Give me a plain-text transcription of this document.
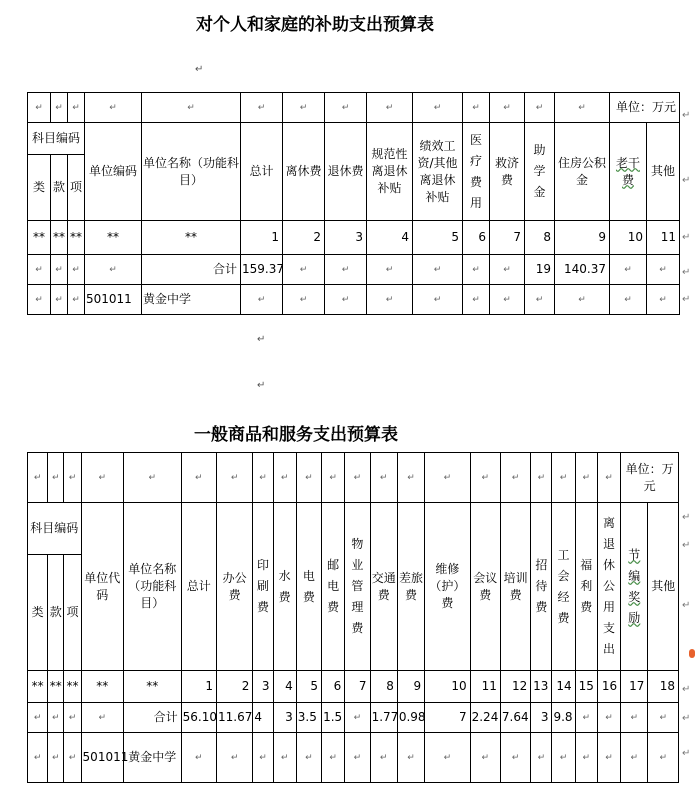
对个人和家庭的补助支出预算表
↵
↵	↵	↵	↵	↵	↵	↵	↵	↵	↵	↵	↵	↵	↵	单位：万元	
科目编码			单位编码	单位名称（功能科目）	总计	离休费	退休费	规范性离退休补贴	绩效工资/其他离退休补贴	医疗费用	救济费	助学金	住房公积金	老干费	其他
类	款	项													
**	**	**	**	**	1	2	3	4	5	6	7	8	9	10	11
↵	↵	↵	↵	合计	159.37	↵	↵	↵	↵	↵	↵	19	140.37	↵	↵
↵	↵	↵	501011	黄金中学	↵	↵	↵	↵	↵	↵	↵	↵	↵	↵	↵
↵
↵
一般商品和服务支出预算表
↵	↵	↵	↵	↵	↵	↵	↵	↵	↵	↵	↵	↵	↵	↵	↵	↵	↵	↵	↵	↵	单位：万元	
科目编码			单位代码	单位名称（功能科目）	总计	办公费	印刷费	水费	电费	邮电费	物业管理费	交通费	差旅费	维修（护）费	会议费	培训费	招待费	工会经费	福利费	离退休公用支出	节编奖励	其他
类	款	项																				
**	**	**	**	**	1	2	3	4	5	6	7	8	9	10	11	12	13	14	15	16	17	18
↵	↵	↵	↵	合计	56.10	11.67	4	3	3.5	1.5	↵	1.77	0.98	7	2.24	7.64	3	9.8	↵	↵	↵	↵
↵	↵	↵	501011	黄金中学	↵	↵	↵	↵	↵	↵	↵	↵	↵	↵	↵	↵	↵	↵	↵	↵	↵	↵
↵
↵
↵
↵
↵
↵
↵
↵
↵
↵
↵
